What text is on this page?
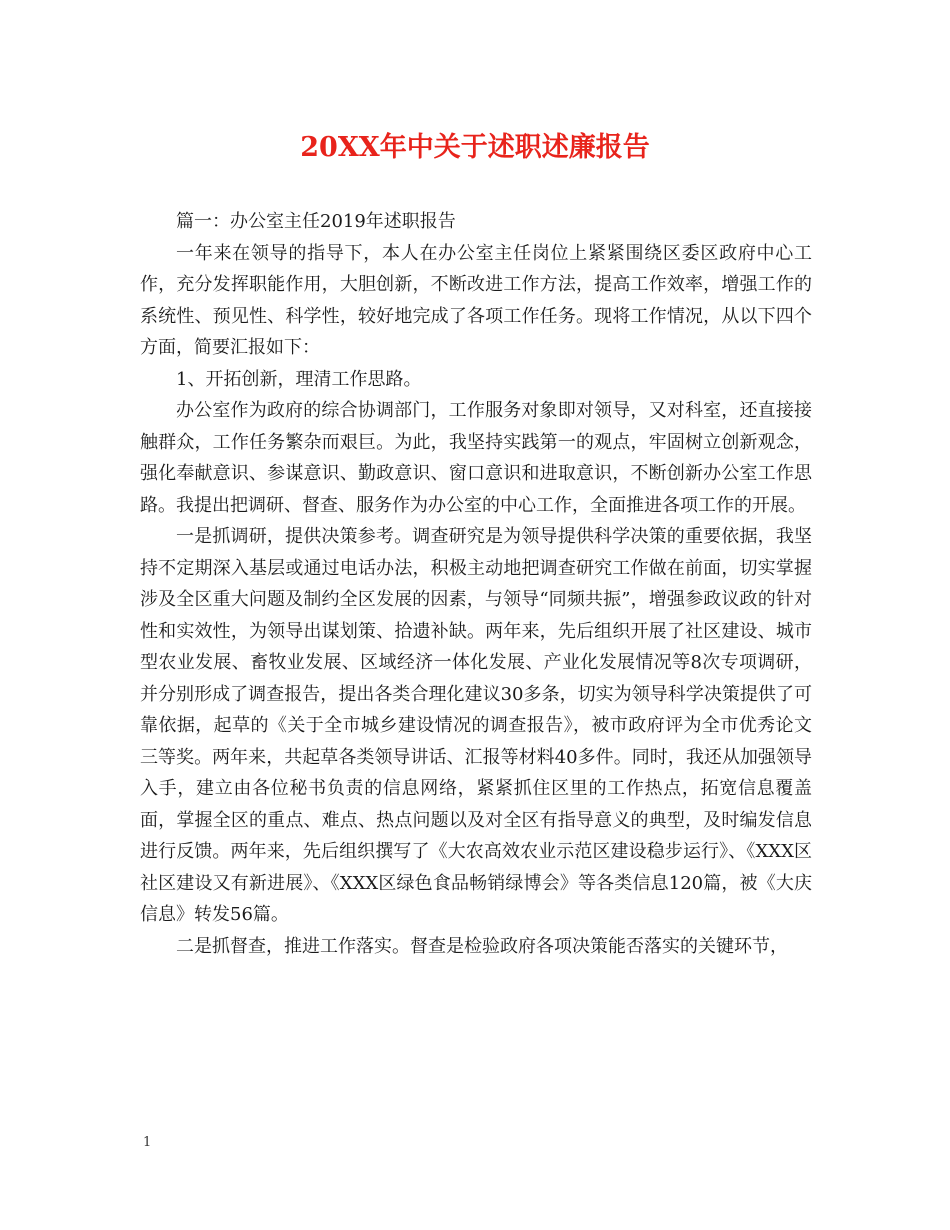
20XX年中关于述职述廉报告

篇一：办公室主任2019年述职报告

一年来在领导的指导下，本人在办公室主任岗位上紧紧围绕区委区政府中心工作，充分发挥职能作用，大胆创新，不断改进工作方法，提高工作效率，增强工作的系统性、预见性、科学性，较好地完成了各项工作任务。现将工作情况，从以下四个方面，简要汇报如下：

1、开拓创新，理清工作思路。

办公室作为政府的综合协调部门，工作服务对象即对领导，又对科室，还直接接触群众，工作任务繁杂而艰巨。为此，我坚持实践第一的观点，牢固树立创新观念，强化奉献意识、参谋意识、勤政意识、窗口意识和进取意识，不断创新办公室工作思路。我提出把调研、督查、服务作为办公室的中心工作，全面推进各项工作的开展。

一是抓调研，提供决策参考。调查研究是为领导提供科学决策的重要依据，我坚持不定期深入基层或通过电话办法，积极主动地把调查研究工作做在前面，切实掌握涉及全区重大问题及制约全区发展的因素，与领导“同频共振”，增强参政议政的针对性和实效性，为领导出谋划策、拾遗补缺。两年来，先后组织开展了社区建设、城市型农业发展、畜牧业发展、区域经济一体化发展、产业化发展情况等8次专项调研，并分别形成了调查报告，提出各类合理化建议30多条，切实为领导科学决策提供了可靠依据，起草的《关于全市城乡建设情况的调查报告》，被市政府评为全市优秀论文三等奖。两年来，共起草各类领导讲话、汇报等材料40多件。同时，我还从加强领导入手，建立由各位秘书负责的信息网络，紧紧抓住区里的工作热点，拓宽信息覆盖面，掌握全区的重点、难点、热点问题以及对全区有指导意义的典型，及时编发信息进行反馈。两年来，先后组织撰写了《大农高效农业示范区建设稳步运行》、《XXX区社区建设又有新进展》、《XXX区绿色食品畅销绿博会》等各类信息120篇，被《大庆信息》转发56篇。

二是抓督查，推进工作落实。督查是检验政府各项决策能否落实的关键环节，

1
